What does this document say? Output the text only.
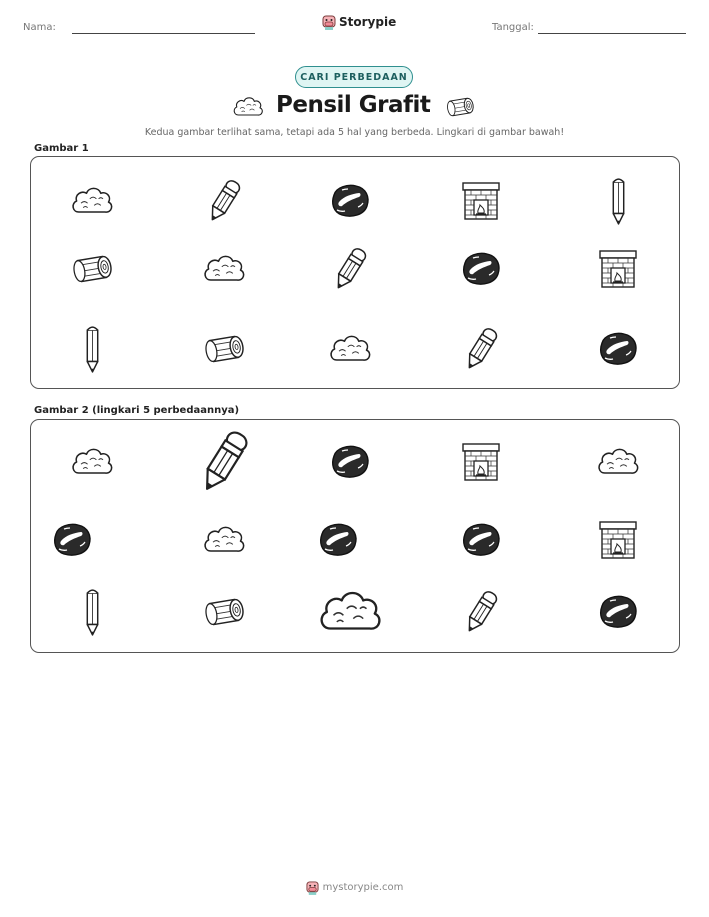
Nama:	Storypie	Tanggal:
CARI PERBEDAAN
Pensil Grafit
Kedua gambar terlihat sama, tetapi ada 5 hal yang berbeda. Lingkari di gambar bawah!
Gambar 1
Gambar 2 (lingkari 5 perbedaannya)
mystorypie.com
